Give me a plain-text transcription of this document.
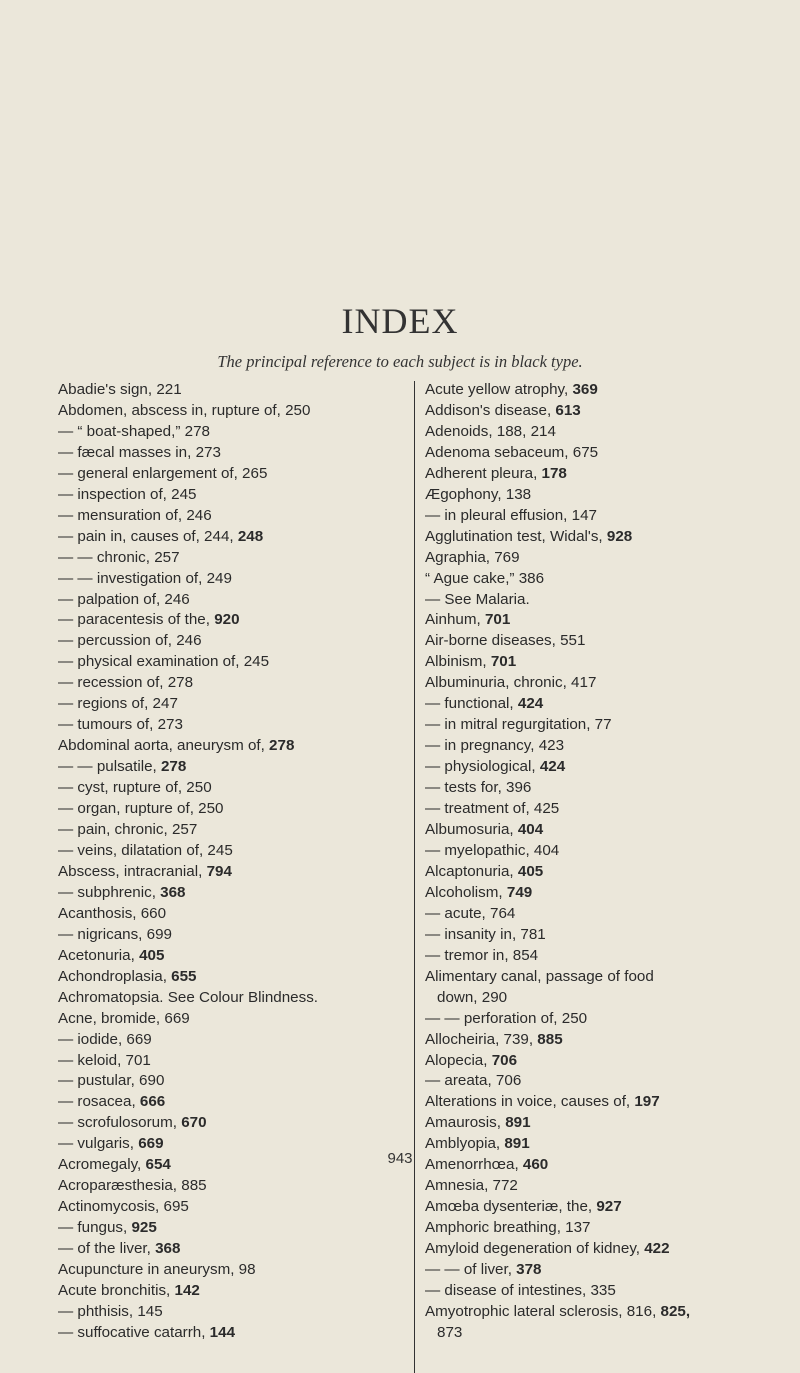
INDEX
The principal reference to each subject is in black type.
Abadie's sign, 221
Abdomen, abscess in, rupture of, 250
— “ boat-shaped,” 278
— fæcal masses in, 273
— general enlargement of, 265
— inspection of, 245
— mensuration of, 246
— pain in, causes of, 244, 248
— — chronic, 257
— — investigation of, 249
— palpation of, 246
— paracentesis of the, 920
— percussion of, 246
— physical examination of, 245
— recession of, 278
— regions of, 247
— tumours of, 273
Abdominal aorta, aneurysm of, 278
— — pulsatile, 278
— cyst, rupture of, 250
— organ, rupture of, 250
— pain, chronic, 257
— veins, dilatation of, 245
Abscess, intracranial, 794
— subphrenic, 368
Acanthosis, 660
— nigricans, 699
Acetonuria, 405
Achondroplasia, 655
Achromatopsia. See Colour Blindness.
Acne, bromide, 669
— iodide, 669
— keloid, 701
— pustular, 690
— rosacea, 666
— scrofulosorum, 670
— vulgaris, 669
Acromegaly, 654
Acroparæsthesia, 885
Actinomycosis, 695
— fungus, 925
— of the liver, 368
Acupuncture in aneurysm, 98
Acute bronchitis, 142
— phthisis, 145
— suffocative catarrh, 144
Acute yellow atrophy, 369
Addison's disease, 613
Adenoids, 188, 214
Adenoma sebaceum, 675
Adherent pleura, 178
Ægophony, 138
— in pleural effusion, 147
Agglutination test, Widal's, 928
Agraphia, 769
“ Ague cake,” 386
— See Malaria.
Ainhum, 701
Air-borne diseases, 551
Albinism, 701
Albuminuria, chronic, 417
— functional, 424
— in mitral regurgitation, 77
— in pregnancy, 423
— physiological, 424
— tests for, 396
— treatment of, 425
Albumosuria, 404
— myelopathic, 404
Alcaptonuria, 405
Alcoholism, 749
— acute, 764
— insanity in, 781
— tremor in, 854
Alimentary canal, passage of food
down, 290
— — perforation of, 250
Allocheiria, 739, 885
Alopecia, 706
— areata, 706
Alterations in voice, causes of, 197
Amaurosis, 891
Amblyopia, 891
Amenorrhœa, 460
Amnesia, 772
Amœba dysenteriæ, the, 927
Amphoric breathing, 137
Amyloid degeneration of kidney, 422
— — of liver, 378
— disease of intestines, 335
Amyotrophic lateral sclerosis, 816, 825,
873
943
